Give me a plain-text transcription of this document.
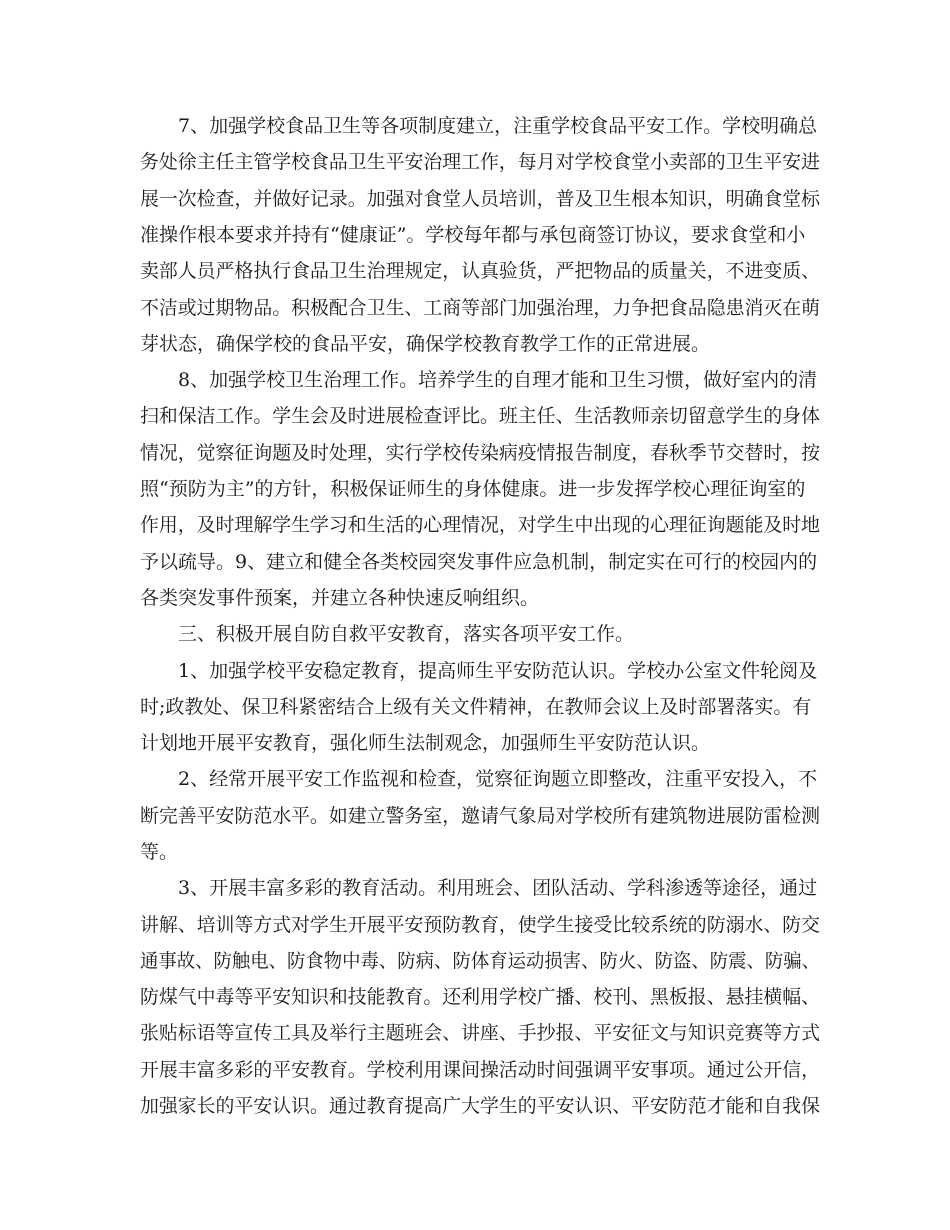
7、加强学校食品卫生等各项制度建立，注重学校食品平安工作。学校明确总
务处徐主任主管学校食品卫生平安治理工作，每月对学校食堂小卖部的卫生平安进
展一次检查，并做好记录。加强对食堂人员培训，普及卫生根本知识，明确食堂标
准操作根本要求并持有“健康证”。学校每年都与承包商签订协议，要求食堂和小
卖部人员严格执行食品卫生治理规定，认真验货，严把物品的质量关，不进变质、
不洁或过期物品。积极配合卫生、工商等部门加强治理，力争把食品隐患消灭在萌
芽状态，确保学校的食品平安，确保学校教育教学工作的正常进展。
8、加强学校卫生治理工作。培养学生的自理才能和卫生习惯，做好室内的清
扫和保洁工作。学生会及时进展检查评比。班主任、生活教师亲切留意学生的身体
情况，觉察征询题及时处理，实行学校传染病疫情报告制度，春秋季节交替时，按
照“预防为主”的方针，积极保证师生的身体健康。进一步发挥学校心理征询室的
作用，及时理解学生学习和生活的心理情况，对学生中出现的心理征询题能及时地
予以疏导。9、建立和健全各类校园突发事件应急机制，制定实在可行的校园内的
各类突发事件预案，并建立各种快速反响组织。
三、积极开展自防自救平安教育，落实各项平安工作。
1、加强学校平安稳定教育，提高师生平安防范认识。学校办公室文件轮阅及
时;政教处、保卫科紧密结合上级有关文件精神，在教师会议上及时部署落实。有
计划地开展平安教育，强化师生法制观念，加强师生平安防范认识。
2、经常开展平安工作监视和检查，觉察征询题立即整改，注重平安投入，不
断完善平安防范水平。如建立警务室，邀请气象局对学校所有建筑物进展防雷检测
等。
3、开展丰富多彩的教育活动。利用班会、团队活动、学科渗透等途径，通过
讲解、培训等方式对学生开展平安预防教育，使学生接受比较系统的防溺水、防交
通事故、防触电、防食物中毒、防病、防体育运动损害、防火、防盗、防震、防骗、
防煤气中毒等平安知识和技能教育。还利用学校广播、校刊、黑板报、悬挂横幅、
张贴标语等宣传工具及举行主题班会、讲座、手抄报、平安征文与知识竞赛等方式
开展丰富多彩的平安教育。学校利用课间操活动时间强调平安事项。通过公开信，
加强家长的平安认识。通过教育提高广大学生的平安认识、平安防范才能和自我保
